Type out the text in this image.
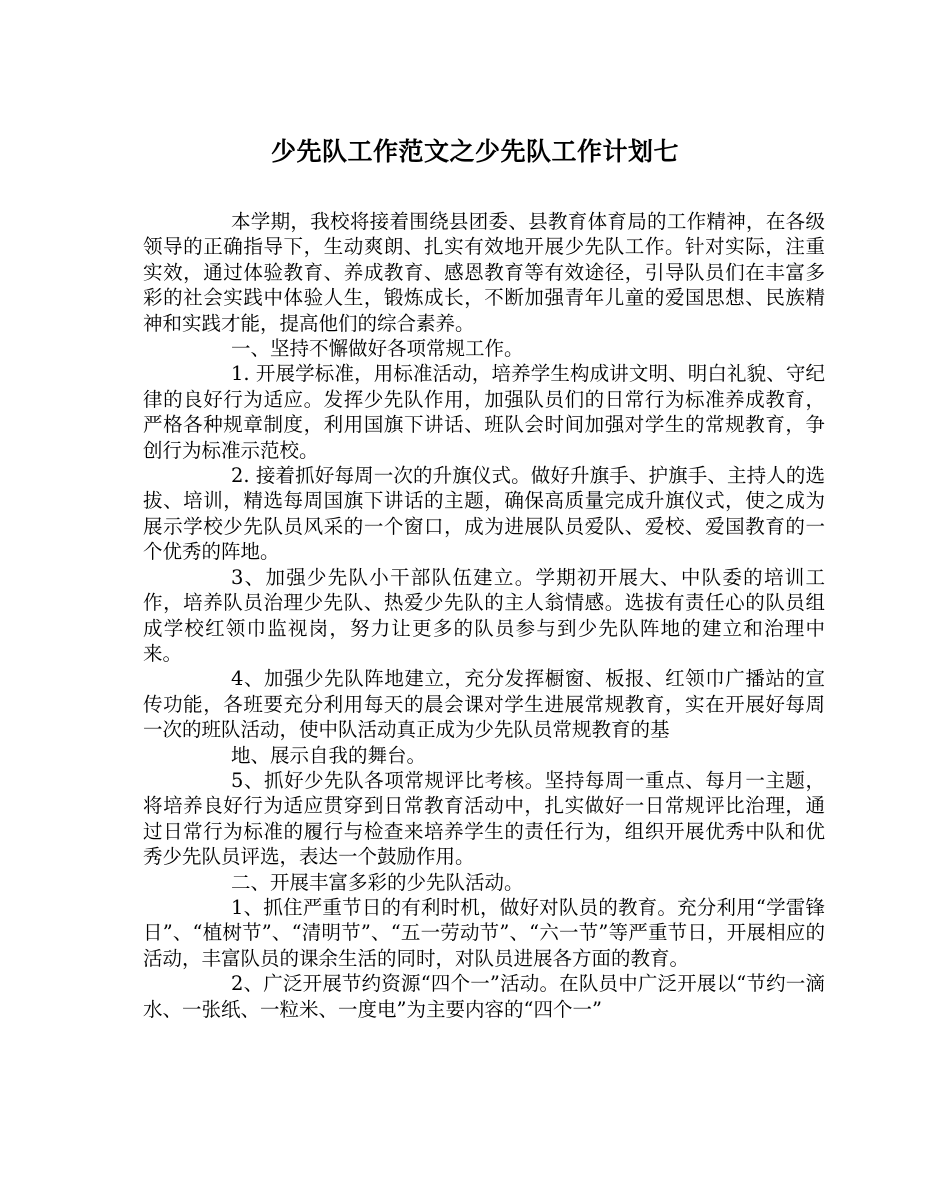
少先队工作范文之少先队工作计划七

本学期，我校将接着围绕县团委、县教育体育局的工作精神，在各级领导的正确指导下，生动爽朗、扎实有效地开展少先队工作。针对实际，注重实效，通过体验教育、养成教育、感恩教育等有效途径，引导队员们在丰富多彩的社会实践中体验人生，锻炼成长，不断加强青年儿童的爱国思想、民族精神和实践才能，提高他们的综合素养。

一、坚持不懈做好各项常规工作。

1. 开展学标准，用标准活动，培养学生构成讲文明、明白礼貌、守纪律的良好行为适应。发挥少先队作用，加强队员们的日常行为标准养成教育，严格各种规章制度，利用国旗下讲话、班队会时间加强对学生的常规教育，争创行为标准示范校。

2. 接着抓好每周一次的升旗仪式。做好升旗手、护旗手、主持人的选拔、培训，精选每周国旗下讲话的主题，确保高质量完成升旗仪式，使之成为展示学校少先队员风采的一个窗口，成为进展队员爱队、爱校、爱国教育的一个优秀的阵地。

3、加强少先队小干部队伍建立。学期初开展大、中队委的培训工作，培养队员治理少先队、热爱少先队的主人翁情感。选拔有责任心的队员组成学校红领巾监视岗，努力让更多的队员参与到少先队阵地的建立和治理中来。

4、加强少先队阵地建立，充分发挥橱窗、板报、红领巾广播站的宣传功能，各班要充分利用每天的晨会课对学生进展常规教育，实在开展好每周一次的班队活动，使中队活动真正成为少先队员常规教育的基

地、展示自我的舞台。

5、抓好少先队各项常规评比考核。坚持每周一重点、每月一主题，将培养良好行为适应贯穿到日常教育活动中，扎实做好一日常规评比治理，通过日常行为标准的履行与检查来培养学生的责任行为，组织开展优秀中队和优秀少先队员评选，表达一个鼓励作用。

二、开展丰富多彩的少先队活动。

1、抓住严重节日的有利时机，做好对队员的教育。充分利用“学雷锋日”、“植树节”、“清明节”、“五一劳动节”、“六一节”等严重节日，开展相应的活动，丰富队员的课余生活的同时，对队员进展各方面的教育。

2、广泛开展节约资源“四个一”活动。在队员中广泛开展以“节约一滴水、一张纸、一粒米、一度电”为主要内容的“四个一”
